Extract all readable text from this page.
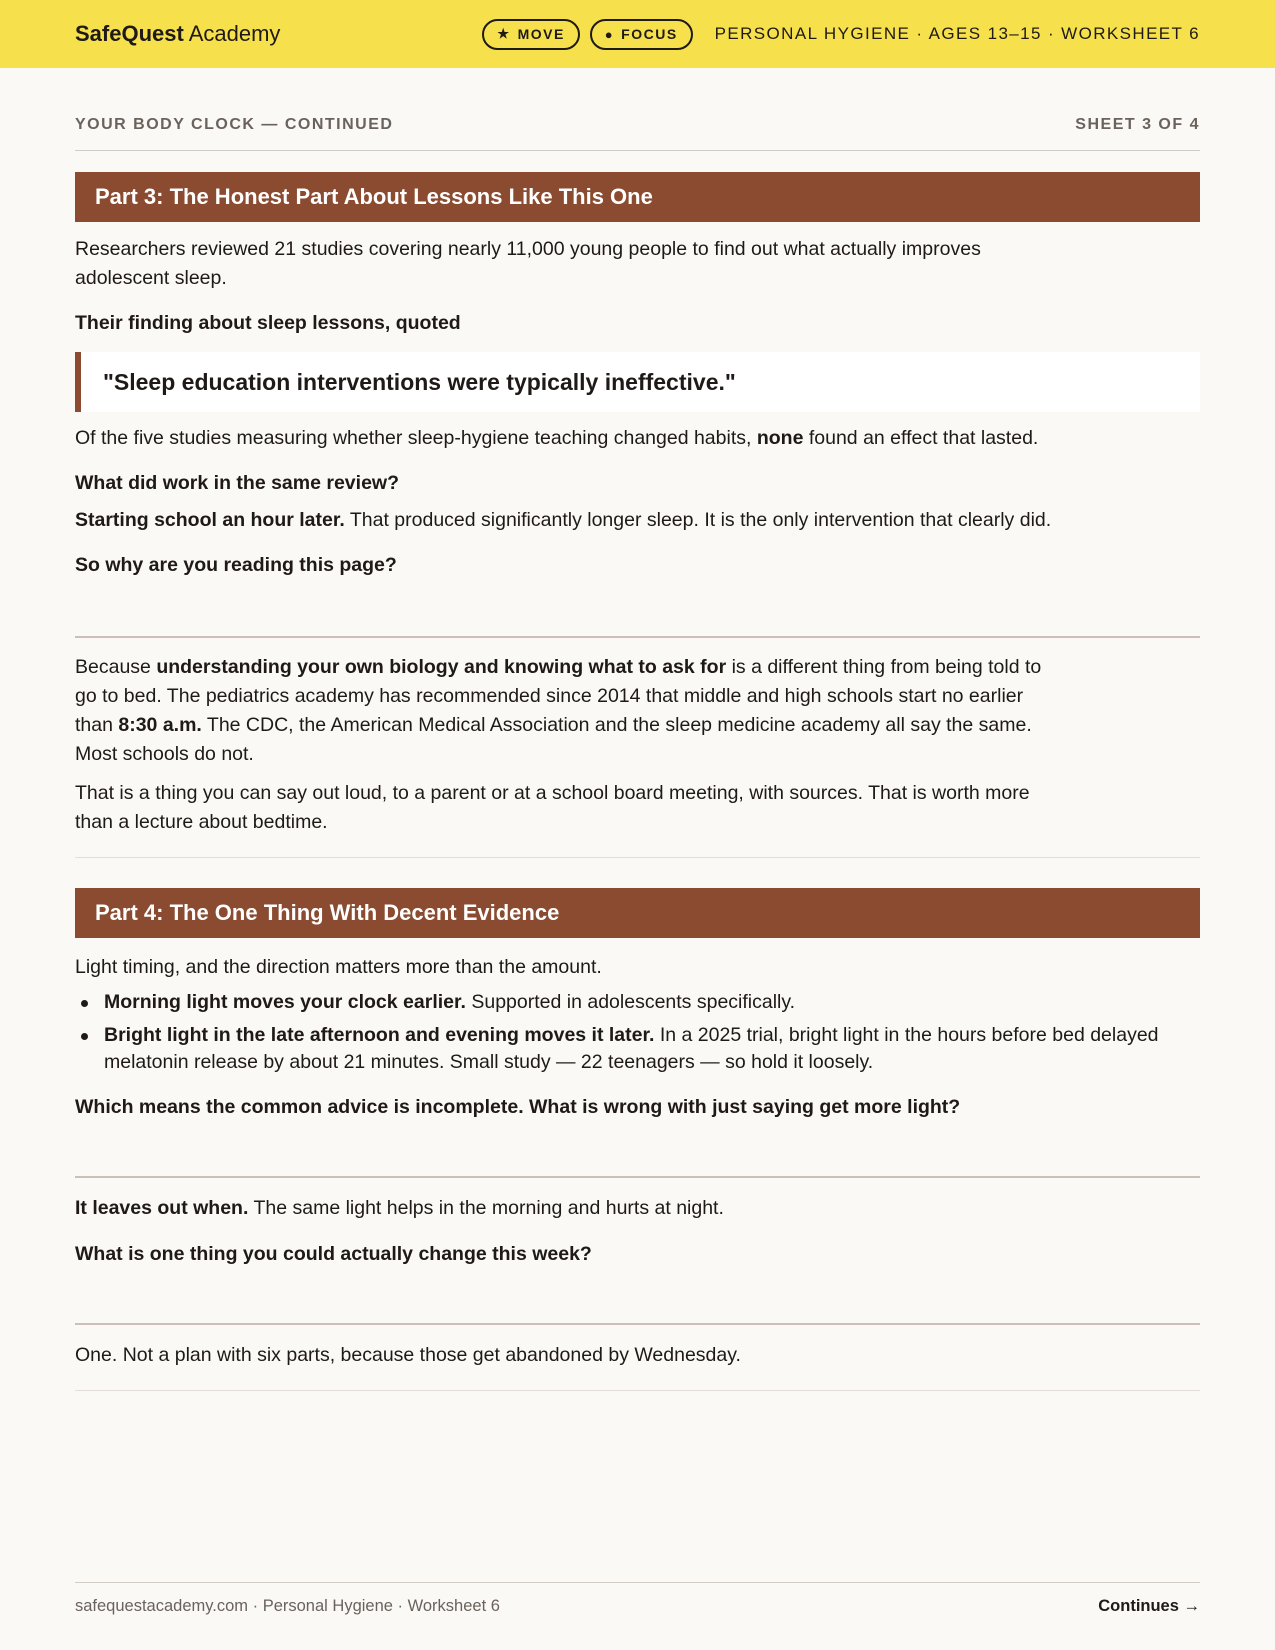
SafeQuest Academy	★ MOVE	● FOCUS PERSONAL HYGIENE · AGES 13–15 · WORKSHEET 6
YOUR BODY CLOCK — CONTINUED	SHEET 3 OF 4
Part 3: The Honest Part About Lessons Like This One

Researchers reviewed 21 studies covering nearly 11,000 young people to find out what actually improves adolescent sleep.

Their finding about sleep lessons, quoted

"Sleep education interventions were typically ineffective."

Of the five studies measuring whether sleep-hygiene teaching changed habits, none found an effect that lasted.

What did work in the same review?

Starting school an hour later. That produced significantly longer sleep. It is the only intervention that clearly did.

So why are you reading this page?

Because understanding your own biology and knowing what to ask for is a different thing from being told to go to bed. The pediatrics academy has recommended since 2014 that middle and high schools start no earlier than 8:30 a.m. The CDC, the American Medical Association and the sleep medicine academy all say the same. Most schools do not.

That is a thing you can say out loud, to a parent or at a school board meeting, with sources. That is worth more than a lecture about bedtime.

Part 4: The One Thing With Decent Evidence

Light timing, and the direction matters more than the amount.

Morning light moves your clock earlier. Supported in adolescents specifically.
Bright light in the late afternoon and evening moves it later. In a 2025 trial, bright light in the hours before bed delayed melatonin release by about 21 minutes. Small study — 22 teenagers — so hold it loosely.

Which means the common advice is incomplete. What is wrong with just saying get more light?

It leaves out when. The same light helps in the morning and hurts at night.

What is one thing you could actually change this week?

One. Not a plan with six parts, because those get abandoned by Wednesday.

safequestacademy.com · Personal Hygiene · Worksheet 6	Continues →
